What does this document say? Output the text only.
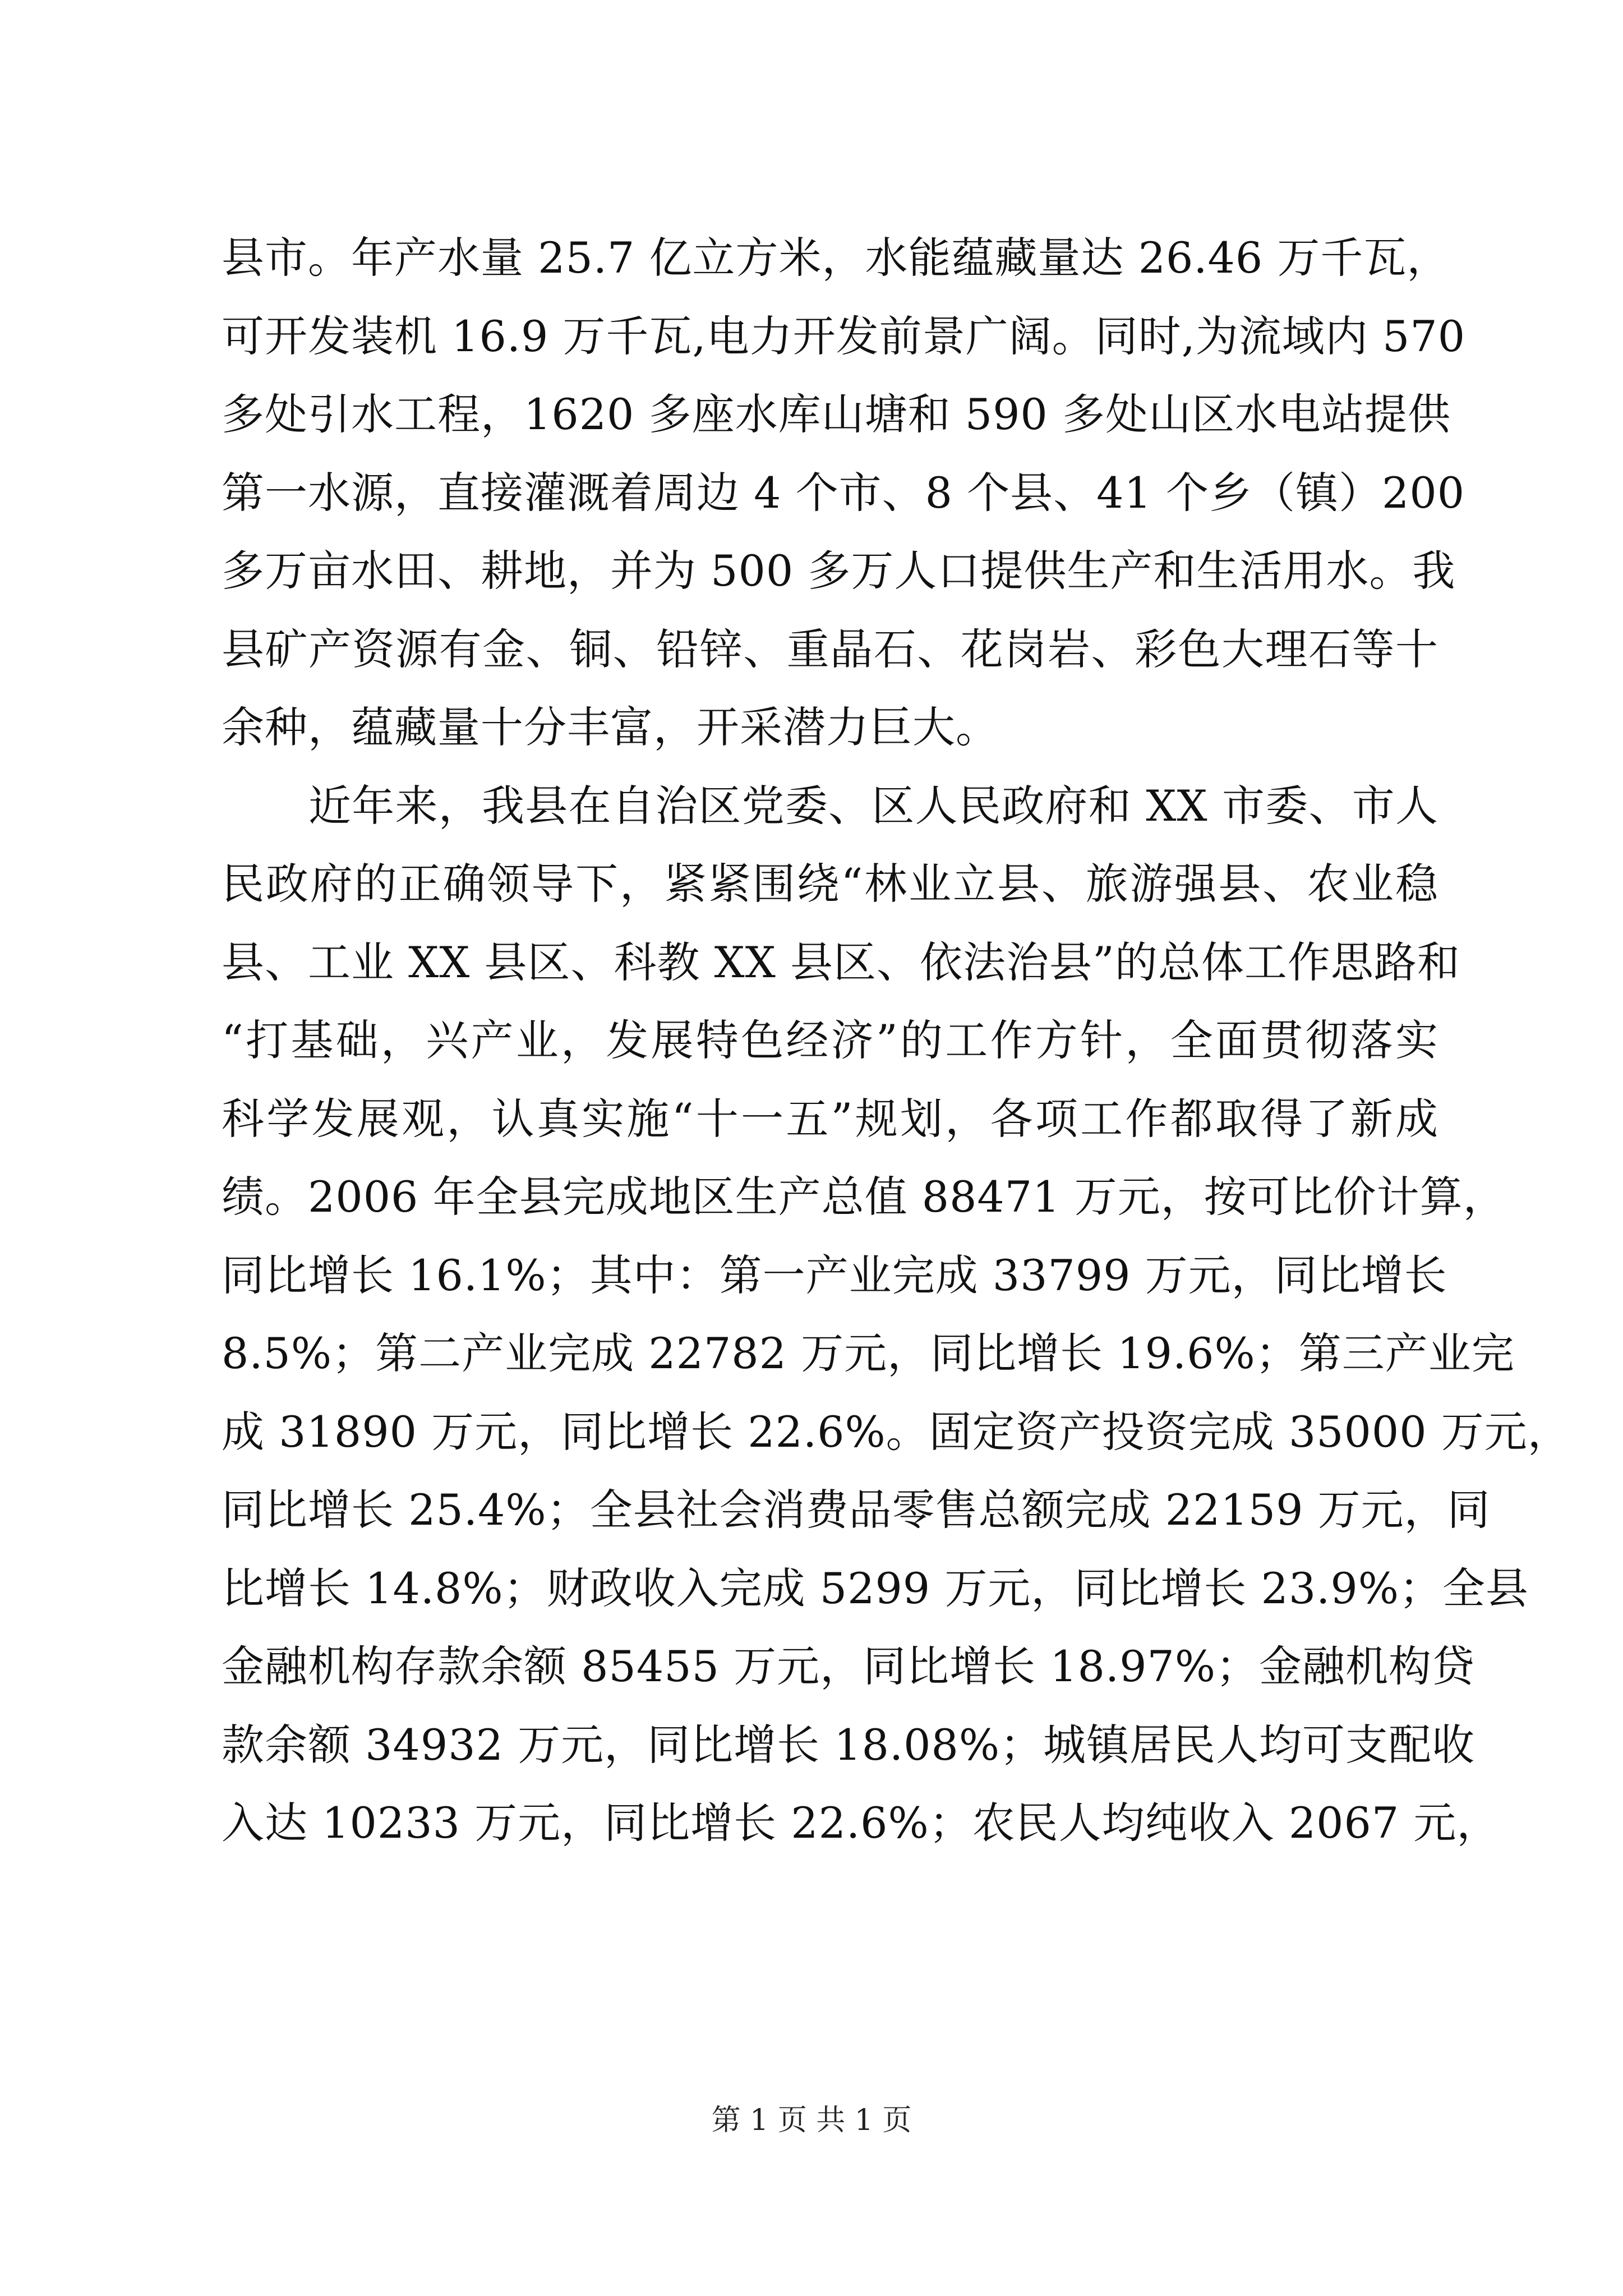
县市。年产水量 25.7 亿立方米，水能蕴藏量达 26.46 万千瓦，
可开发装机 16.9 万千瓦,电力开发前景广阔。同时,为流域内 570
多处引水工程，1620 多座水库山塘和 590 多处山区水电站提供
第一水源，直接灌溉着周边 4 个市、8 个县、41 个乡（镇）200
多万亩水田、耕地，并为 500 多万人口提供生产和生活用水。我
县矿产资源有金、铜、铅锌、重晶石、花岗岩、彩色大理石等十
余种，蕴藏量十分丰富，开采潜力巨大。
近年来，我县在自治区党委、区人民政府和 XX 市委、市人
民政府的正确领导下，紧紧围绕“林业立县、旅游强县、农业稳
县、工业 XX 县区、科教 XX 县区、依法治县”的总体工作思路和
“打基础，兴产业，发展特色经济”的工作方针，全面贯彻落实
科学发展观，认真实施“十一五”规划，各项工作都取得了新成
绩。2006 年全县完成地区生产总值 88471 万元，按可比价计算，
同比增长 16.1%；其中：第一产业完成 33799 万元，同比增长
8.5%；第二产业完成 22782 万元，同比增长 19.6%；第三产业完
成 31890 万元，同比增长 22.6%。固定资产投资完成 35000 万元，
同比增长 25.4%；全县社会消费品零售总额完成 22159 万元，同
比增长 14.8%；财政收入完成 5299 万元，同比增长 23.9%；全县
金融机构存款余额 85455 万元，同比增长 18.97%；金融机构贷
款余额 34932 万元，同比增长 18.08%；城镇居民人均可支配收
入达 10233 万元，同比增长 22.6%；农民人均纯收入 2067 元，
第 1 页 共 1 页
